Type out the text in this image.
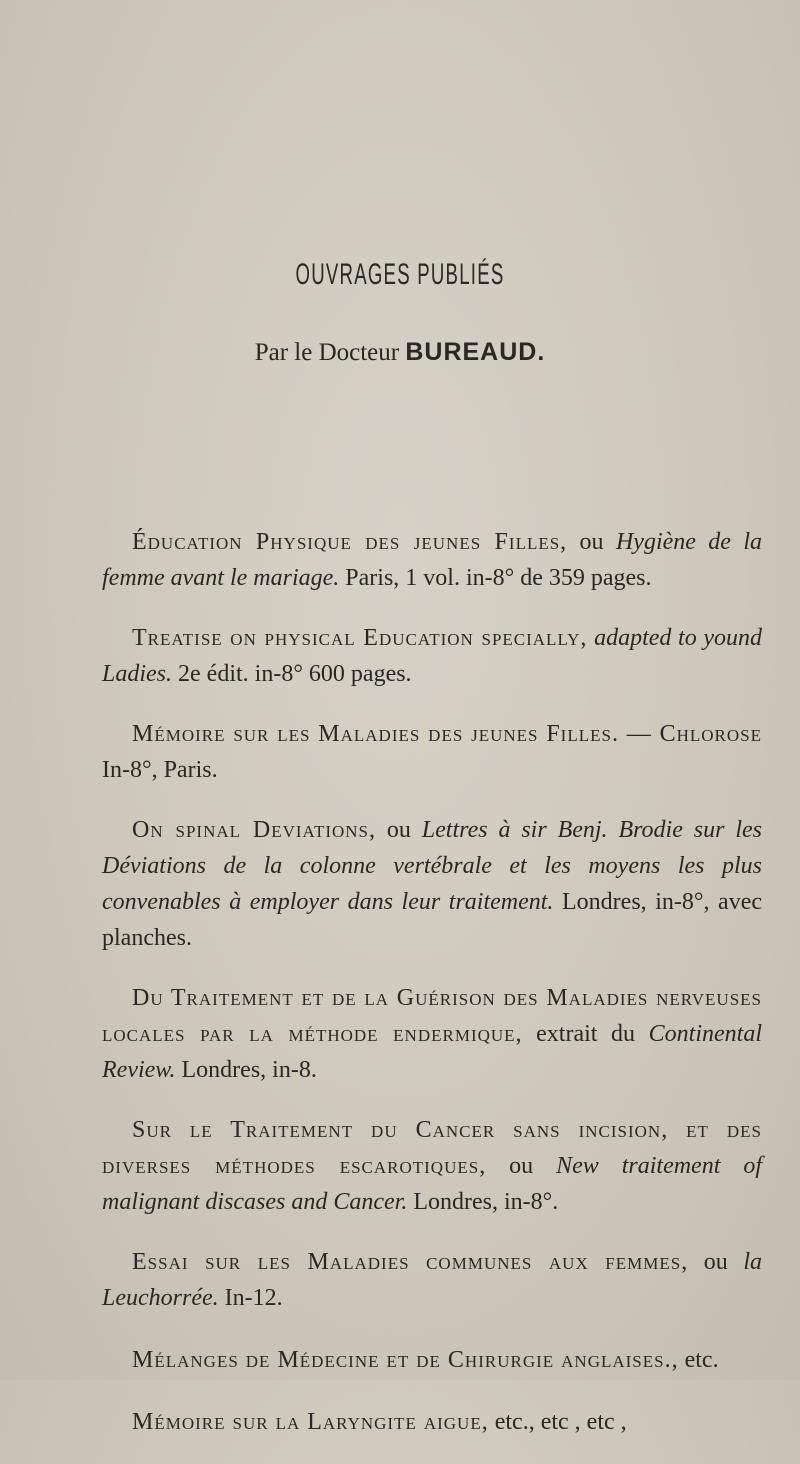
OUVRAGES PUBLIÉS
Par le Docteur BUREAUD.

Éducation Physique des jeunes Filles, ou Hygiène de la femme avant le mariage. Paris, 1 vol. in-8° de 359 pages.

Treatise on physical Education specially, adapted to yound Ladies. 2e édit. in-8° 600 pages.

Mémoire sur les Maladies des jeunes Filles. — Chlorose In-8°, Paris.

On spinal Deviations, ou Lettres à sir Benj. Brodie sur les Déviations de la colonne vertébrale et les moyens les plus convenables à employer dans leur traitement. Londres, in-8°, avec planches.

Du Traitement et de la Guérison des Maladies nerveuses locales par la méthode endermique, extrait du Continental Review. Londres, in-8.

Sur le Traitement du Cancer sans incision, et des diverses méthodes escarotiques, ou New traitement of malignant discases and Cancer. Londres, in-8°.

Essai sur les Maladies communes aux femmes, ou la Leuchorrée. In-12.

Mélanges de Médecine et de Chirurgie anglaises., etc.

Mémoire sur la Laryngite aigue, etc., etc , etc ,
